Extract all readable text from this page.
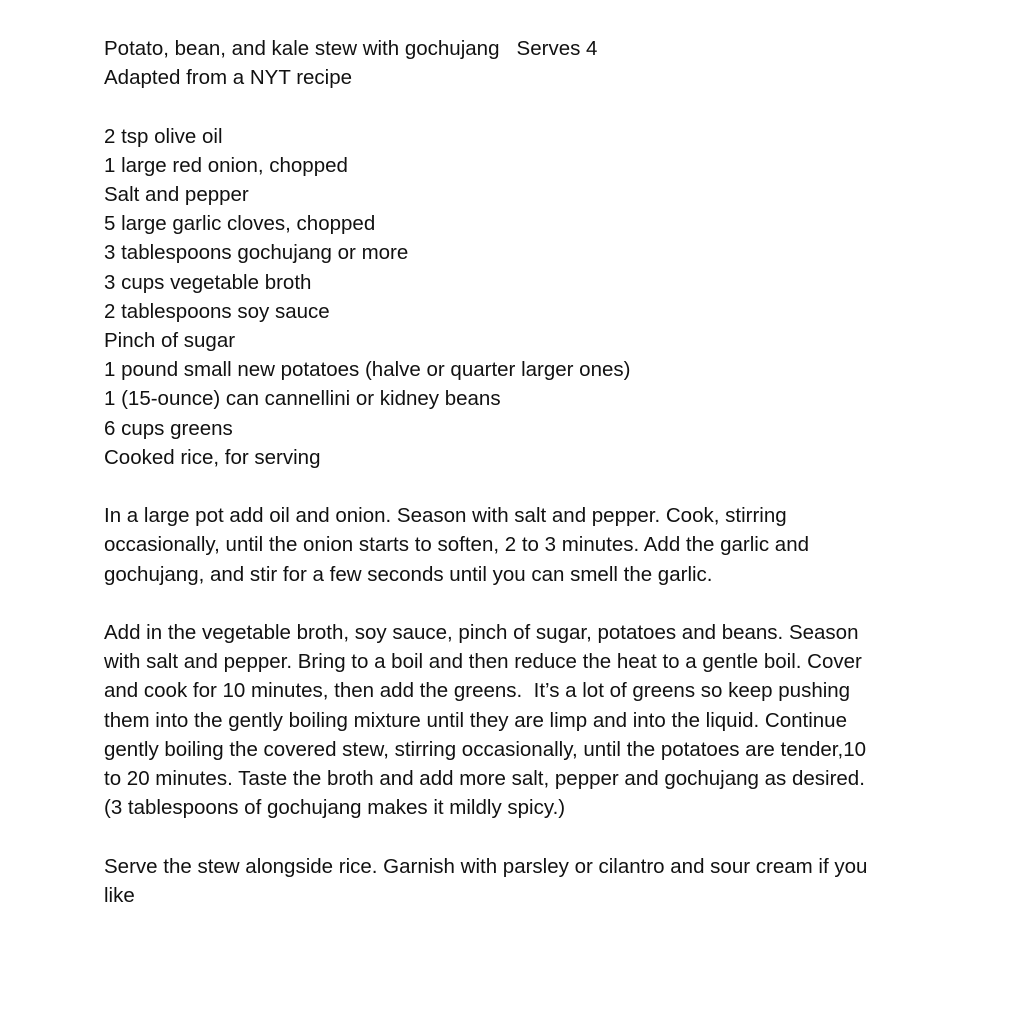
Potato, bean, and kale stew with gochujang   Serves 4
Adapted from a NYT recipe
2 tsp olive oil
1 large red onion, chopped
Salt and pepper
5 large garlic cloves, chopped
3 tablespoons gochujang or more
3 cups vegetable broth
2 tablespoons soy sauce
Pinch of sugar
1 pound small new potatoes (halve or quarter larger ones)
1 (15-ounce) can cannellini or kidney beans
6 cups greens
Cooked rice, for serving
In a large pot add oil and onion. Season with salt and pepper. Cook, stirring
occasionally, until the onion starts to soften, 2 to 3 minutes. Add the garlic and
gochujang, and stir for a few seconds until you can smell the garlic.
Add in the vegetable broth, soy sauce, pinch of sugar, potatoes and beans. Season
with salt and pepper. Bring to a boil and then reduce the heat to a gentle boil. Cover
and cook for 10 minutes, then add the greens.  It’s a lot of greens so keep pushing
them into the gently boiling mixture until they are limp and into the liquid. Continue
gently boiling the covered stew, stirring occasionally, until the potatoes are tender,10
to 20 minutes. Taste the broth and add more salt, pepper and gochujang as desired.
(3 tablespoons of gochujang makes it mildly spicy.)
Serve the stew alongside rice. Garnish with parsley or cilantro and sour cream if you
like
